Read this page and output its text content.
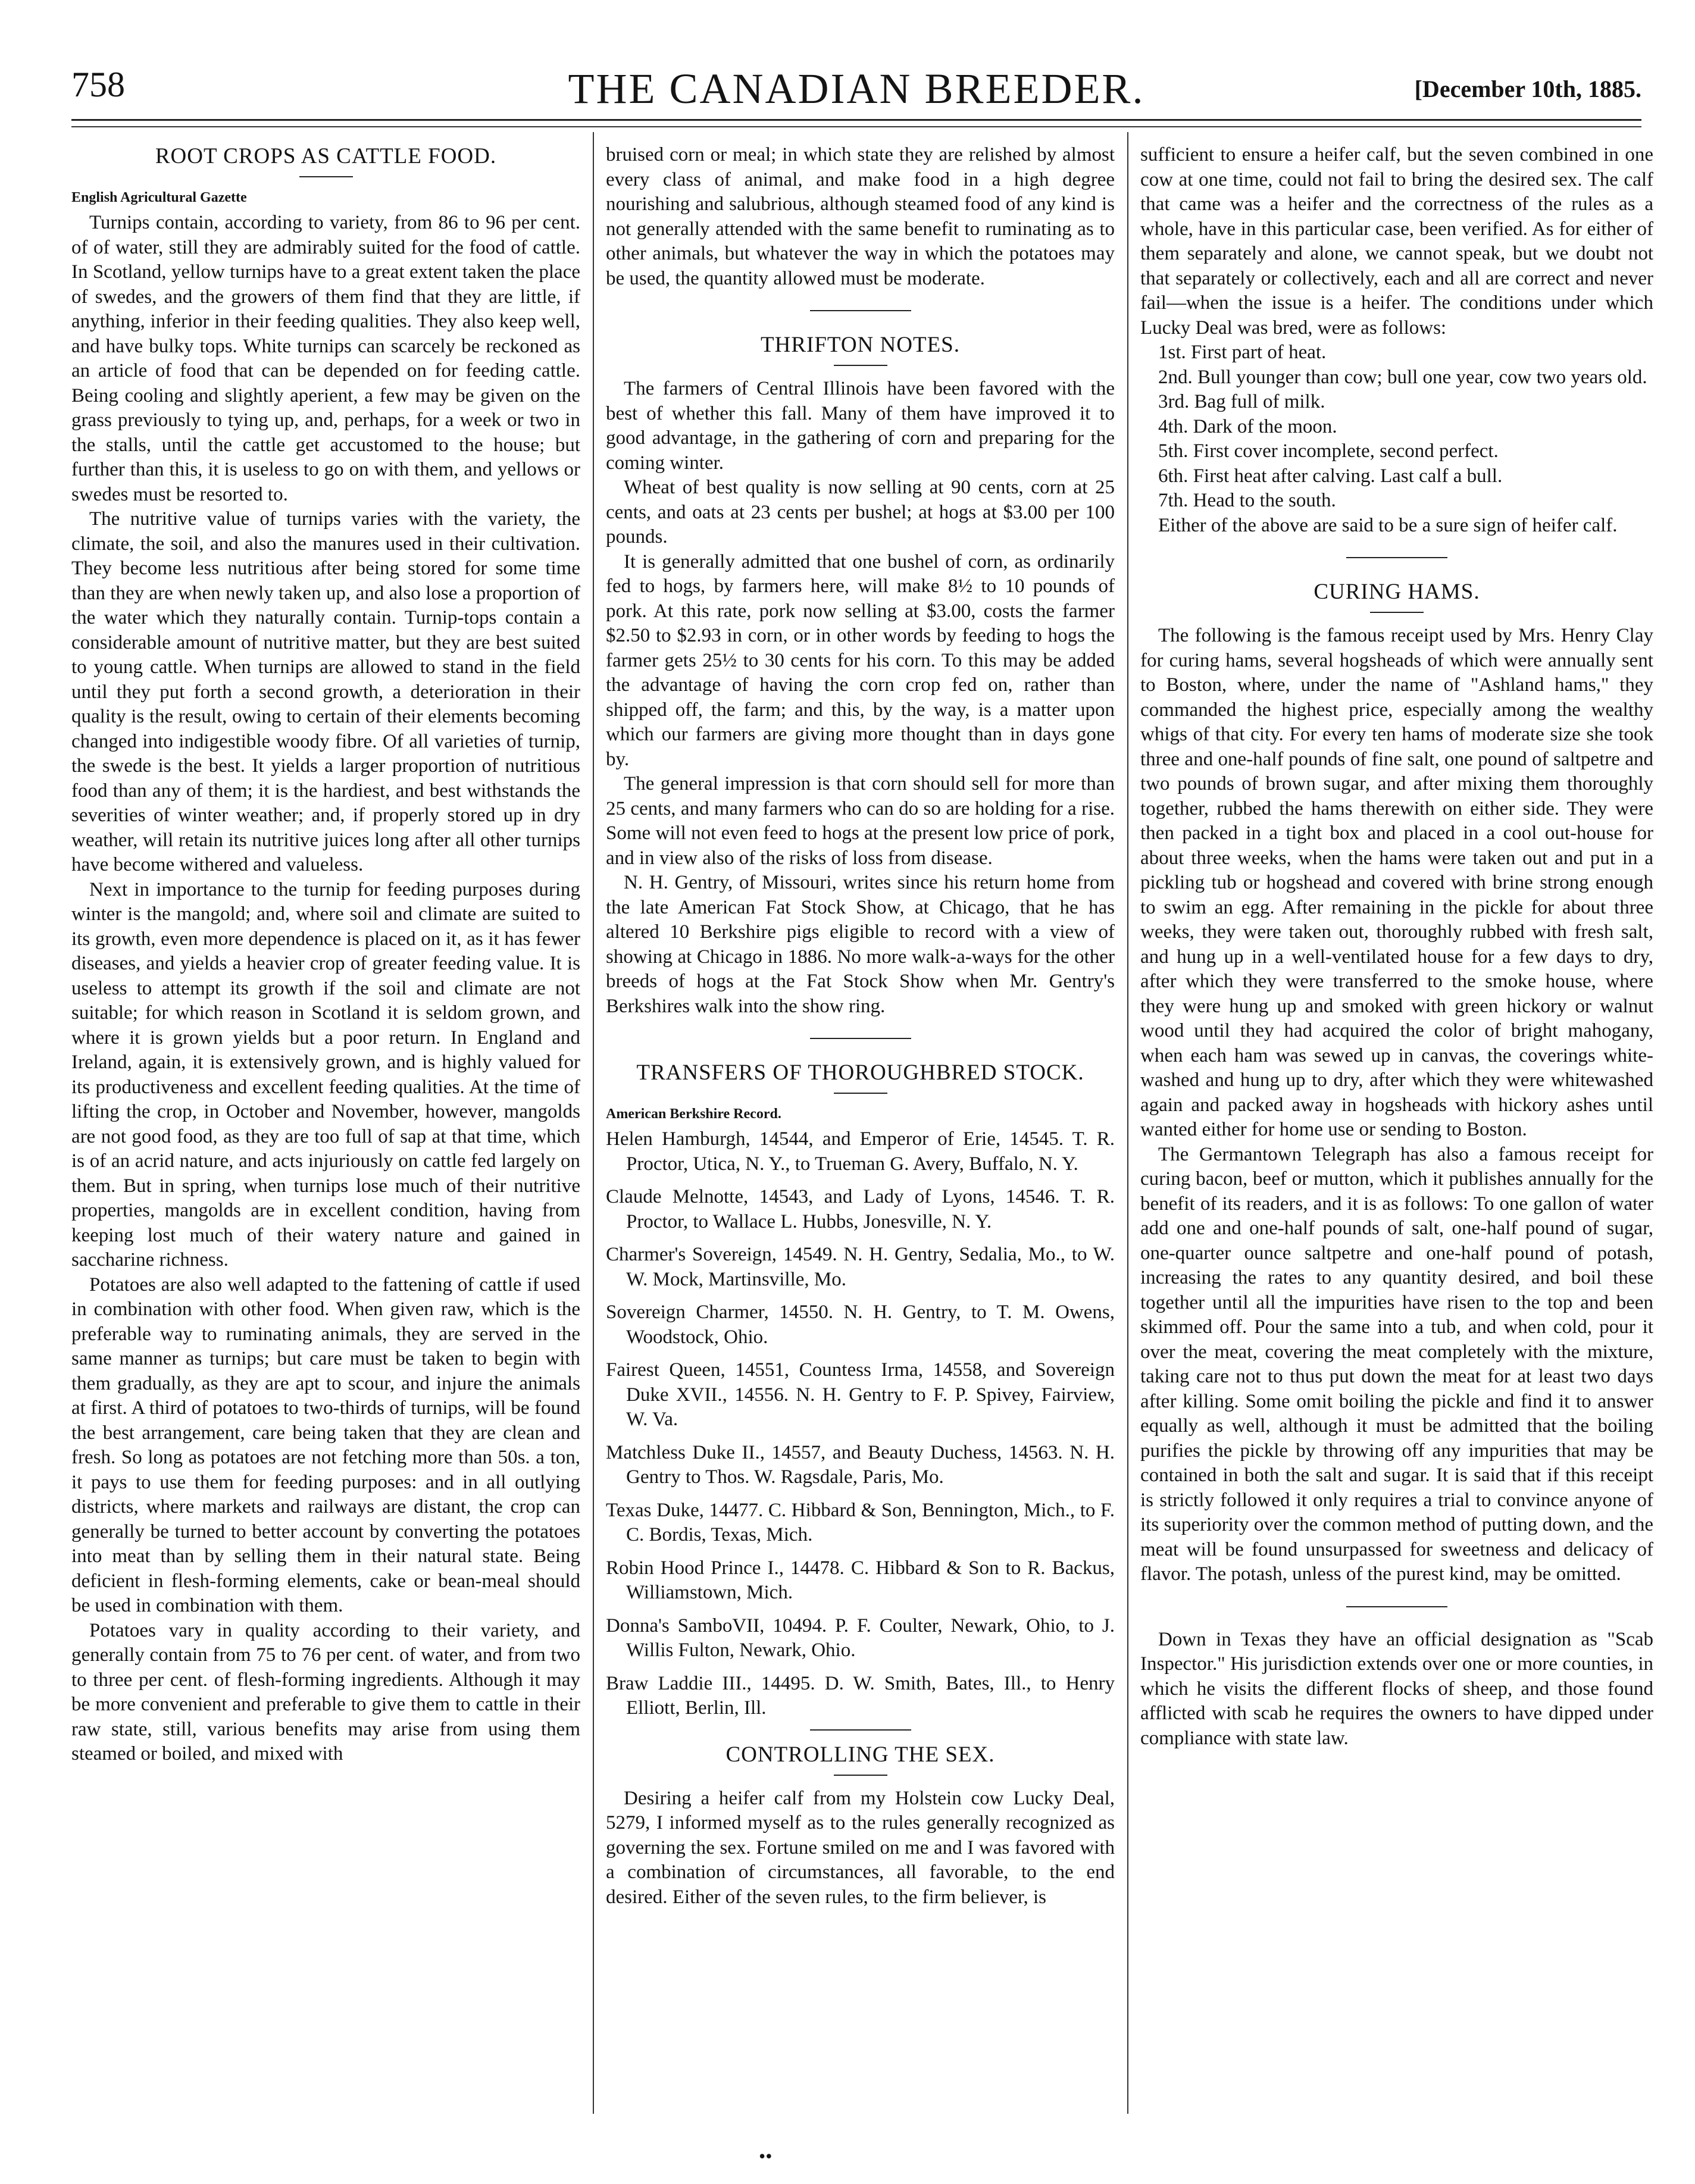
758	THE CANADIAN BREEDER.	[December 10th, 1885.
ROOT CROPS AS CATTLE FOOD.
English Agricultural Gazette

Turnips contain, according to variety, from 86 to 96 per cent. of of water, still they are admirably suited for the food of cattle. In Scotland, yellow turnips have to a great extent taken the place of swedes, and the growers of them find that they are little, if anything, inferior in their feeding qualities. They also keep well, and have bulky tops. White turnips can scarcely be reckoned as an article of food that can be depended on for feeding cattle. Being cooling and slightly aperient, a few may be given on the grass previously to tying up, and, perhaps, for a week or two in the stalls, until the cattle get accustomed to the house; but further than this, it is useless to go on with them, and yellows or swedes must be resorted to.

The nutritive value of turnips varies with the variety, the climate, the soil, and also the manures used in their cultivation. They become less nutritious after being stored for some time than they are when newly taken up, and also lose a proportion of the water which they naturally contain. Turnip-tops contain a considerable amount of nutritive matter, but they are best suited to young cattle. When turnips are allowed to stand in the field until they put forth a second growth, a deterioration in their quality is the result, owing to certain of their elements becoming changed into indigestible woody fibre. Of all varieties of turnip, the swede is the best. It yields a larger proportion of nutritious food than any of them; it is the hardiest, and best withstands the severities of winter weather; and, if properly stored up in dry weather, will retain its nutritive juices long after all other turnips have become withered and valueless.

Next in importance to the turnip for feeding purposes during winter is the mangold; and, where soil and climate are suited to its growth, even more dependence is placed on it, as it has fewer diseases, and yields a heavier crop of greater feeding value. It is useless to attempt its growth if the soil and climate are not suitable; for which reason in Scotland it is seldom grown, and where it is grown yields but a poor return. In England and Ireland, again, it is extensively grown, and is highly valued for its productiveness and excellent feeding qualities. At the time of lifting the crop, in October and November, however, mangolds are not good food, as they are too full of sap at that time, which is of an acrid nature, and acts injuriously on cattle fed largely on them. But in spring, when turnips lose much of their nutritive properties, mangolds are in excellent condition, having from keeping lost much of their watery nature and gained in saccharine richness.

Potatoes are also well adapted to the fattening of cattle if used in combination with other food. When given raw, which is the preferable way to ruminating animals, they are served in the same manner as turnips; but care must be taken to begin with them gradually, as they are apt to scour, and injure the animals at first. A third of potatoes to two-thirds of turnips, will be found the best arrangement, care being taken that they are clean and fresh. So long as potatoes are not fetching more than 50s. a ton, it pays to use them for feeding purposes: and in all outlying districts, where markets and railways are distant, the crop can generally be turned to better account by converting the potatoes into meat than by selling them in their natural state. Being deficient in flesh-forming elements, cake or bean-meal should be used in combination with them.

Potatoes vary in quality according to their variety, and generally contain from 75 to 76 per cent. of water, and from two to three per cent. of flesh-forming ingredients. Although it may be more convenient and preferable to give them to cattle in their raw state, still, various benefits may arise from using them steamed or boiled, and mixed with

bruised corn or meal; in which state they are relished by almost every class of animal, and make food in a high degree nourishing and salubrious, although steamed food of any kind is not generally attended with the same benefit to ruminating as to other animals, but whatever the way in which the potatoes may be used, the quantity allowed must be moderate.

THRIFTON NOTES.

The farmers of Central Illinois have been favored with the best of whether this fall. Many of them have improved it to good advantage, in the gathering of corn and preparing for the coming winter.

Wheat of best quality is now selling at 90 cents, corn at 25 cents, and oats at 23 cents per bushel; at hogs at $3.00 per 100 pounds.

It is generally admitted that one bushel of corn, as ordinarily fed to hogs, by farmers here, will make 8½ to 10 pounds of pork. At this rate, pork now selling at $3.00, costs the farmer $2.50 to $2.93 in corn, or in other words by feeding to hogs the farmer gets 25½ to 30 cents for his corn. To this may be added the advantage of having the corn crop fed on, rather than shipped off, the farm; and this, by the way, is a matter upon which our farmers are giving more thought than in days gone by.

The general impression is that corn should sell for more than 25 cents, and many farmers who can do so are holding for a rise. Some will not even feed to hogs at the present low price of pork, and in view also of the risks of loss from disease.

N. H. Gentry, of Missouri, writes since his return home from the late American Fat Stock Show, at Chicago, that he has altered 10 Berkshire pigs eligible to record with a view of showing at Chicago in 1886. No more walk-a-ways for the other breeds of hogs at the Fat Stock Show when Mr. Gentry's Berkshires walk into the show ring.

TRANSFERS OF THOROUGHBRED STOCK.
American Berkshire Record.

Helen Hamburgh, 14544, and Emperor of Erie, 14545. T. R. Proctor, Utica, N. Y., to Trueman G. Avery, Buffalo, N. Y.

Claude Melnotte, 14543, and Lady of Lyons, 14546. T. R. Proctor, to Wallace L. Hubbs, Jonesville, N. Y.

Charmer's Sovereign, 14549. N. H. Gentry, Sedalia, Mo., to W. W. Mock, Martinsville, Mo.

Sovereign Charmer, 14550. N. H. Gentry, to T. M. Owens, Woodstock, Ohio.

Fairest Queen, 14551, Countess Irma, 14558, and Sovereign Duke XVII., 14556. N. H. Gentry to F. P. Spivey, Fairview, W. Va.

Matchless Duke II., 14557, and Beauty Duchess, 14563. N. H. Gentry to Thos. W. Ragsdale, Paris, Mo.

Texas Duke, 14477. C. Hibbard & Son, Bennington, Mich., to F. C. Bordis, Texas, Mich.

Robin Hood Prince I., 14478. C. Hibbard & Son to R. Backus, Williamstown, Mich.

Donna's SamboVII, 10494. P. F. Coulter, Newark, Ohio, to J. Willis Fulton, Newark, Ohio.

Braw Laddie III., 14495. D. W. Smith, Bates, Ill., to Henry Elliott, Berlin, Ill.

CONTROLLING THE SEX.

Desiring a heifer calf from my Holstein cow Lucky Deal, 5279, I informed myself as to the rules generally recognized as governing the sex. Fortune smiled on me and I was favored with a combination of circumstances, all favorable, to the end desired. Either of the seven rules, to the firm believer, is

sufficient to ensure a heifer calf, but the seven combined in one cow at one time, could not fail to bring the desired sex. The calf that came was a heifer and the correctness of the rules as a whole, have in this particular case, been verified. As for either of them separately and alone, we cannot speak, but we doubt not that separately or collectively, each and all are correct and never fail—when the issue is a heifer. The conditions under which Lucky Deal was bred, were as follows:

1st. First part of heat.

2nd. Bull younger than cow; bull one year, cow two years old.

3rd. Bag full of milk.

4th. Dark of the moon.

5th. First cover incomplete, second perfect.

6th. First heat after calving. Last calf a bull.

7th. Head to the south.

Either of the above are said to be a sure sign of heifer calf.

CURING HAMS.

The following is the famous receipt used by Mrs. Henry Clay for curing hams, several hogsheads of which were annually sent to Boston, where, under the name of "Ashland hams," they commanded the highest price, especially among the wealthy whigs of that city. For every ten hams of moderate size she took three and one-half pounds of fine salt, one pound of saltpetre and two pounds of brown sugar, and after mixing them thoroughly together, rubbed the hams therewith on either side. They were then packed in a tight box and placed in a cool out-house for about three weeks, when the hams were taken out and put in a pickling tub or hogshead and covered with brine strong enough to swim an egg. After remaining in the pickle for about three weeks, they were taken out, thoroughly rubbed with fresh salt, and hung up in a well-ventilated house for a few days to dry, after which they were transferred to the smoke house, where they were hung up and smoked with green hickory or walnut wood until they had acquired the color of bright mahogany, when each ham was sewed up in canvas, the coverings white-washed and hung up to dry, after which they were whitewashed again and packed away in hogsheads with hickory ashes until wanted either for home use or sending to Boston.

The Germantown Telegraph has also a famous receipt for curing bacon, beef or mutton, which it publishes annually for the benefit of its readers, and it is as follows: To one gallon of water add one and one-half pounds of salt, one-half pound of sugar, one-quarter ounce saltpetre and one-half pound of potash, increasing the rates to any quantity desired, and boil these together until all the impurities have risen to the top and been skimmed off. Pour the same into a tub, and when cold, pour it over the meat, covering the meat completely with the mixture, taking care not to thus put down the meat for at least two days after killing. Some omit boiling the pickle and find it to answer equally as well, although it must be admitted that the boiling purifies the pickle by throwing off any impurities that may be contained in both the salt and sugar. It is said that if this receipt is strictly followed it only requires a trial to convince anyone of its superiority over the common method of putting down, and the meat will be found unsurpassed for sweetness and delicacy of flavor. The potash, unless of the purest kind, may be omitted.

Down in Texas they have an official designation as "Scab Inspector." His jurisdiction extends over one or more counties, in which he visits the different flocks of sheep, and those found afflicted with scab he requires the owners to have dipped under compliance with state law.

••
